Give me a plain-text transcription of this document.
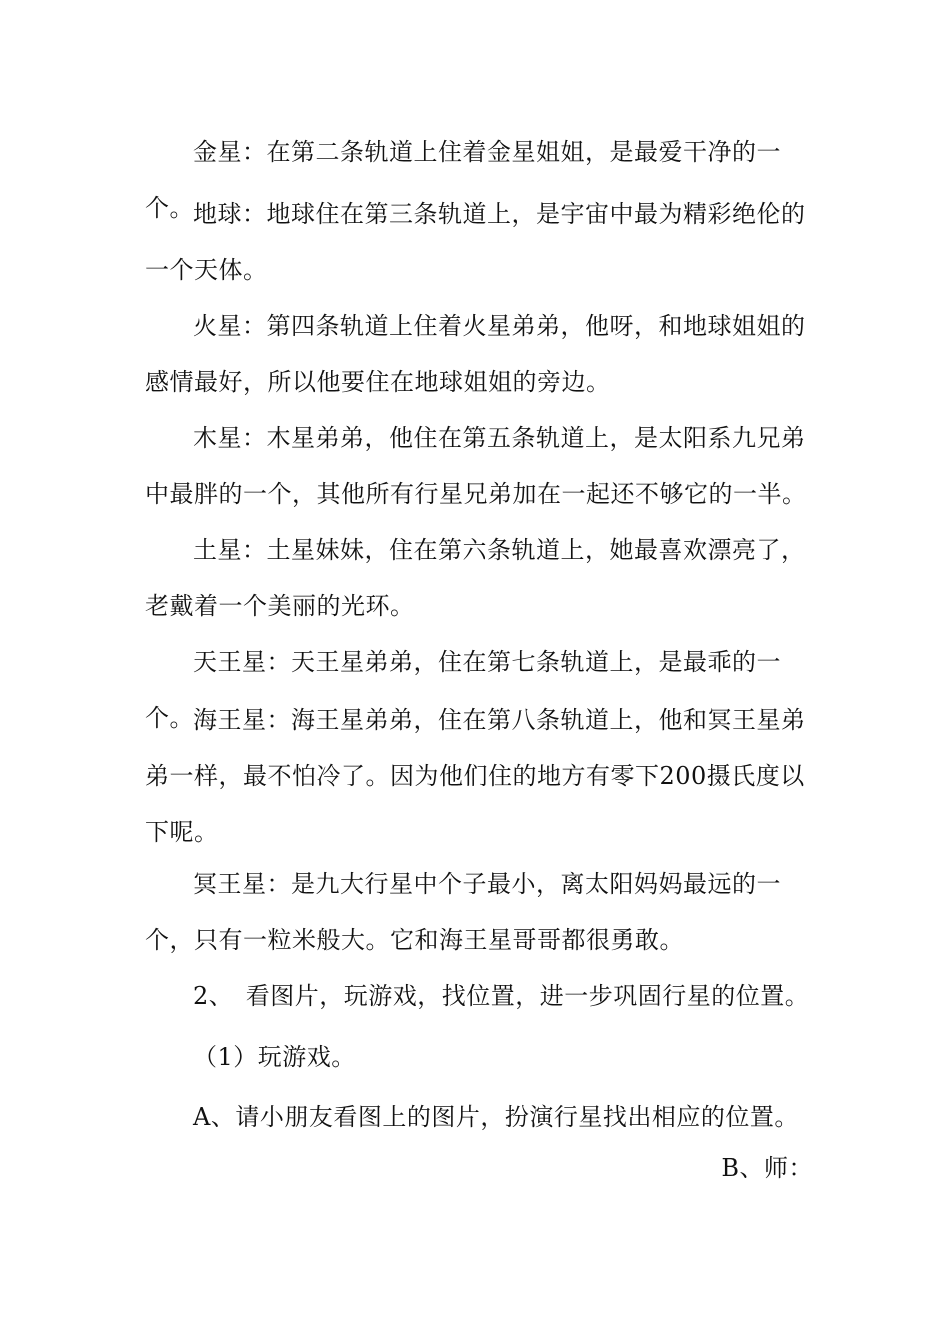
金星：在第二条轨道上住着金星姐姐，是最爱干净的一个。 地球：地球住在第三条轨道上，是宇宙中最为精彩绝伦的一个天体。

火星：第四条轨道上住着火星弟弟，他呀，和地球姐姐的感情最好，所以他要住在地球姐姐的旁边。

木星：木星弟弟，他住在第五条轨道上，是太阳系九兄弟中最胖的一个，其他所有行星兄弟加在一起还不够它的一半。

土星：土星妹妹，住在第六条轨道上，她最喜欢漂亮了，老戴着一个美丽的光环。

天王星：天王星弟弟，住在第七条轨道上，是最乖的一个。 海王星：海王星弟弟，住在第八条轨道上，他和冥王星弟弟一样，最不怕冷了。因为他们住的地方有零下200摄氏度以下呢。

冥王星：是九大行星中个子最小，离太阳妈妈最远的一个，只有一粒米般大。它和海王星哥哥都很勇敢。

2、　看图片，玩游戏，找位置，进一步巩固行星的位置。

（1）玩游戏。

A、请小朋友看图上的图片，扮演行星找出相应的位置。

B、师：
